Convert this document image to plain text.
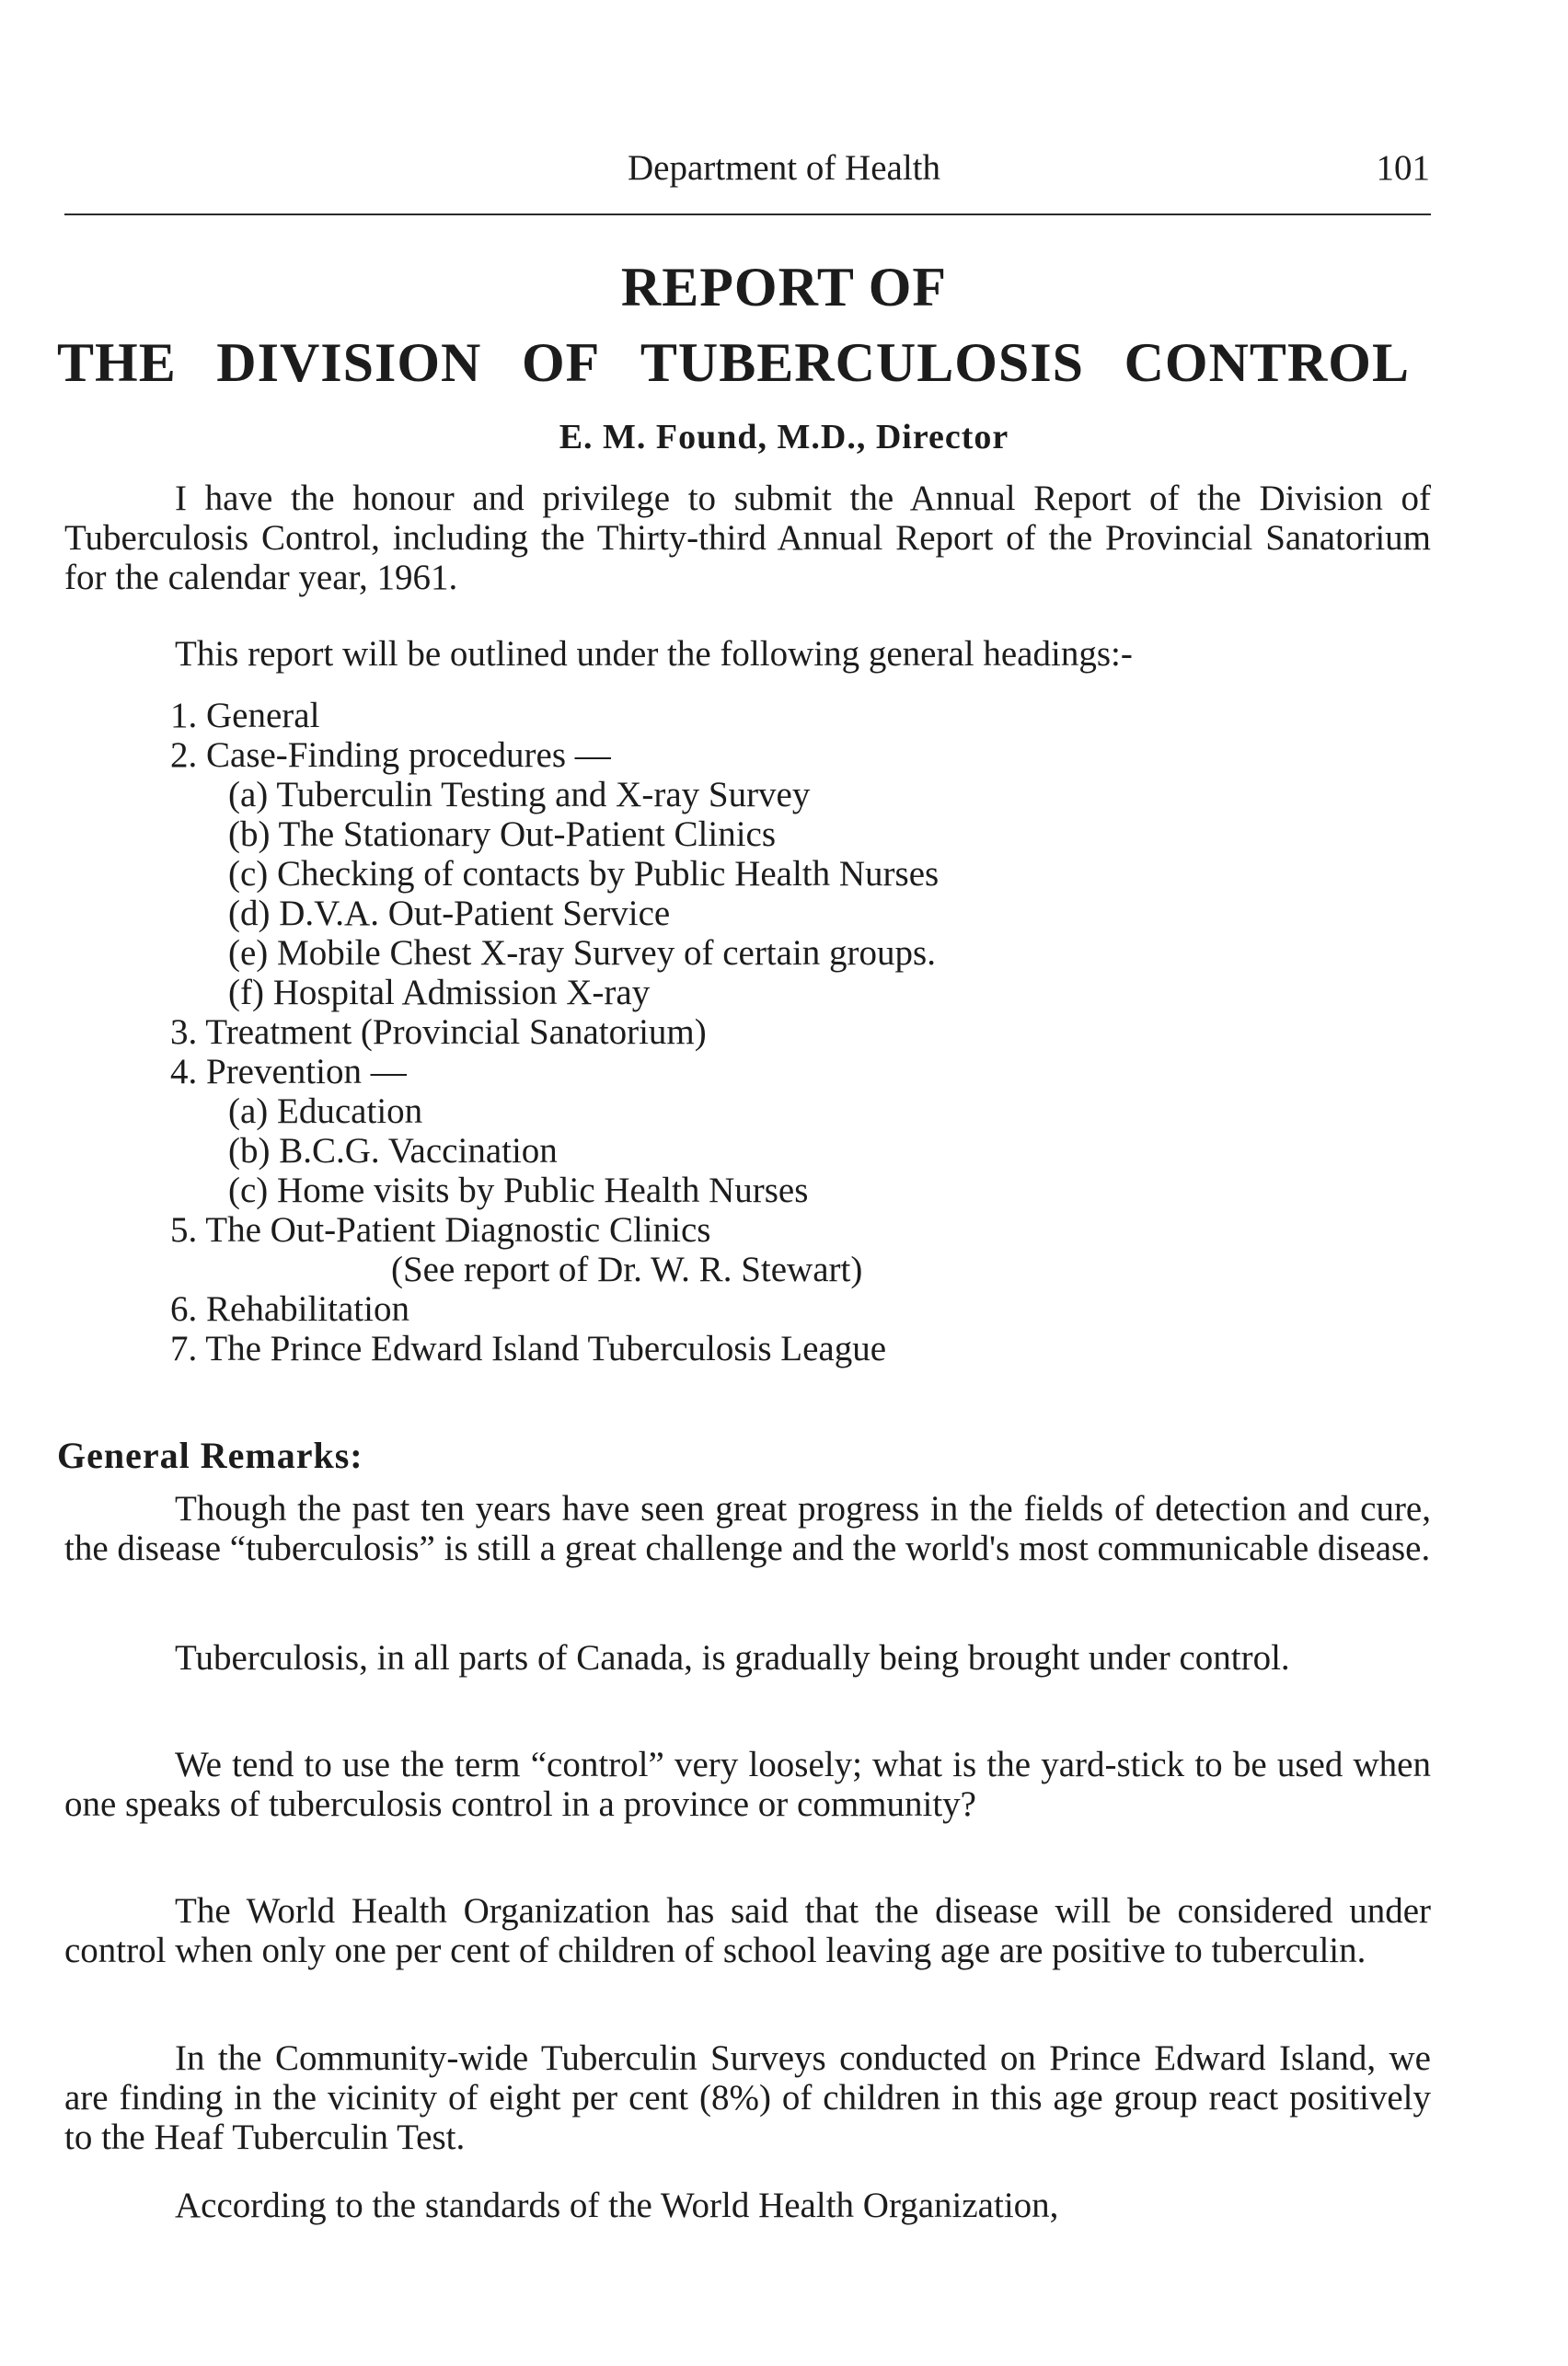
Department of Health	101
REPORT OF
THE DIVISION OF TUBERCULOSIS CONTROL
E. M. Found, M.D., Director

I have the honour and privilege to submit the Annual Report of the Division of Tuberculosis Control, including the Thirty-third Annual Report of the Provincial Sanatorium for the calendar year, 1961.

This report will be outlined under the following general headings:-

1. General
2. Case-Finding procedures —
(a) Tuberculin Testing and X-ray Survey
(b) The Stationary Out-Patient Clinics
(c) Checking of contacts by Public Health Nurses
(d) D.V.A. Out-Patient Service
(e) Mobile Chest X-ray Survey of certain groups.
(f) Hospital Admission X-ray
3. Treatment (Provincial Sanatorium)
4. Prevention —
(a) Education
(b) B.C.G. Vaccination
(c) Home visits by Public Health Nurses
5. The Out-Patient Diagnostic Clinics
(See report of Dr. W. R. Stewart)
6. Rehabilitation
7. The Prince Edward Island Tuberculosis League
General Remarks:

Though the past ten years have seen great progress in the fields of detection and cure, the disease “tuberculosis” is still a great challenge and the world's most communicable disease.

Tuberculosis, in all parts of Canada, is gradually being brought under control.

We tend to use the term “control” very loosely; what is the yard-stick to be used when one speaks of tuberculosis control in a province or community?

The World Health Organization has said that the disease will be considered under control when only one per cent of children of school leaving age are positive to tuberculin.

In the Community-wide Tuberculin Surveys conducted on Prince Edward Island, we are finding in the vicinity of eight per cent (8%) of children in this age group react positively to the Heaf Tuberculin Test.

According to the standards of the World Health Organization,
